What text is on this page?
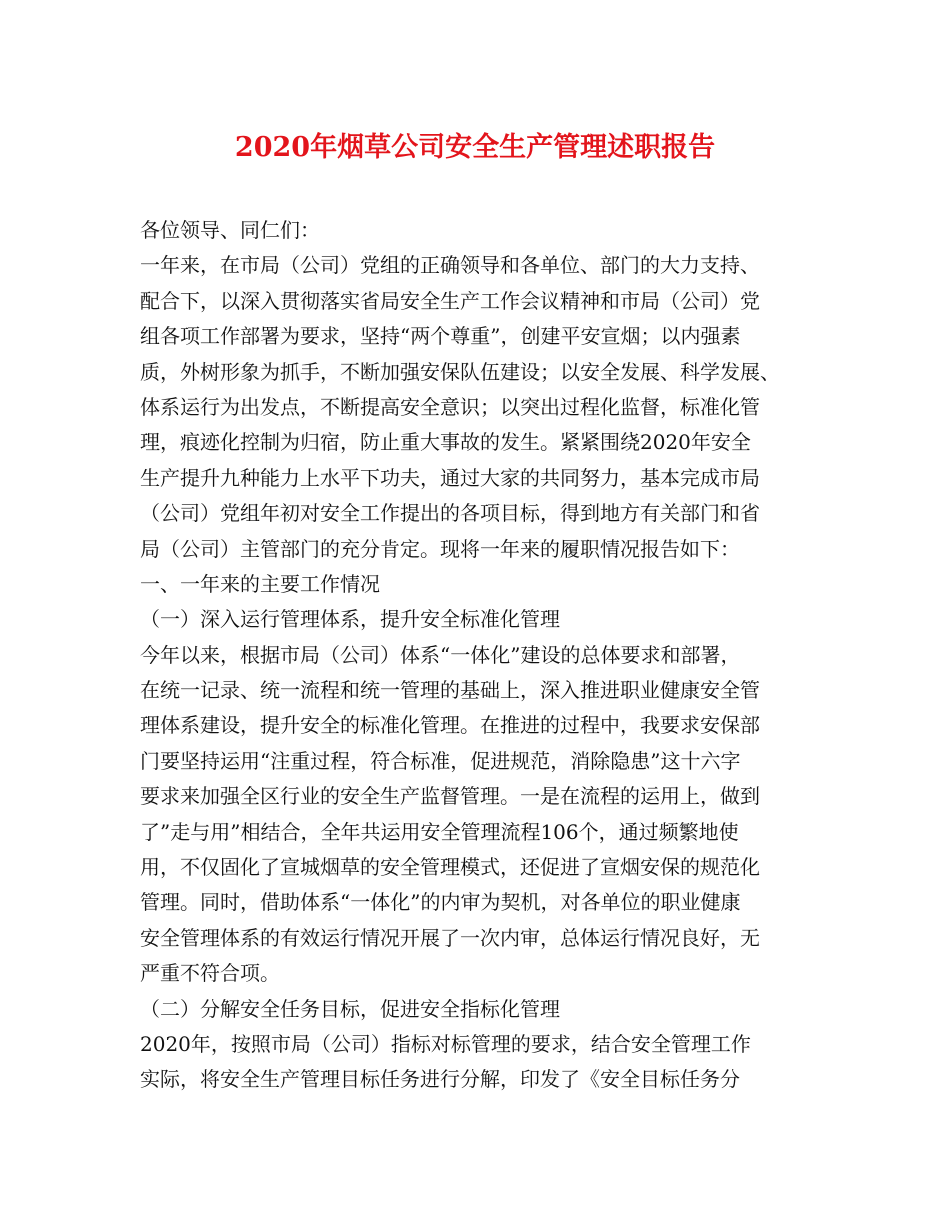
2020年烟草公司安全生产管理述职报告
各位领导、同仁们：
一年来，在市局（公司）党组的正确领导和各单位、部门的大力支持、
配合下，以深入贯彻落实省局安全生产工作会议精神和市局（公司）党
组各项工作部署为要求，坚持“两个尊重”，创建平安宣烟；以内强素
质，外树形象为抓手，不断加强安保队伍建设；以安全发展、科学发展、
体系运行为出发点，不断提高安全意识；以突出过程化监督，标准化管
理，痕迹化控制为归宿，防止重大事故的发生。紧紧围绕2020年安全
生产提升九种能力上水平下功夫，通过大家的共同努力，基本完成市局
（公司）党组年初对安全工作提出的各项目标，得到地方有关部门和省
局（公司）主管部门的充分肯定。现将一年来的履职情况报告如下：
一、一年来的主要工作情况
（一）深入运行管理体系，提升安全标准化管理
今年以来，根据市局（公司）体系“一体化”建设的总体要求和部署，
在统一记录、统一流程和统一管理的基础上，深入推进职业健康安全管
理体系建设，提升安全的标准化管理。在推进的过程中，我要求安保部
门要坚持运用“注重过程，符合标准，促进规范，消除隐患”这十六字
要求来加强全区行业的安全生产监督管理。一是在流程的运用上，做到
了”走与用”相结合，全年共运用安全管理流程106个，通过频繁地使
用，不仅固化了宣城烟草的安全管理模式，还促进了宣烟安保的规范化
管理。同时，借助体系“一体化”的内审为契机，对各单位的职业健康
安全管理体系的有效运行情况开展了一次内审，总体运行情况良好，无
严重不符合项。
（二）分解安全任务目标，促进安全指标化管理
2020年，按照市局（公司）指标对标管理的要求，结合安全管理工作
实际，将安全生产管理目标任务进行分解，印发了《安全目标任务分
